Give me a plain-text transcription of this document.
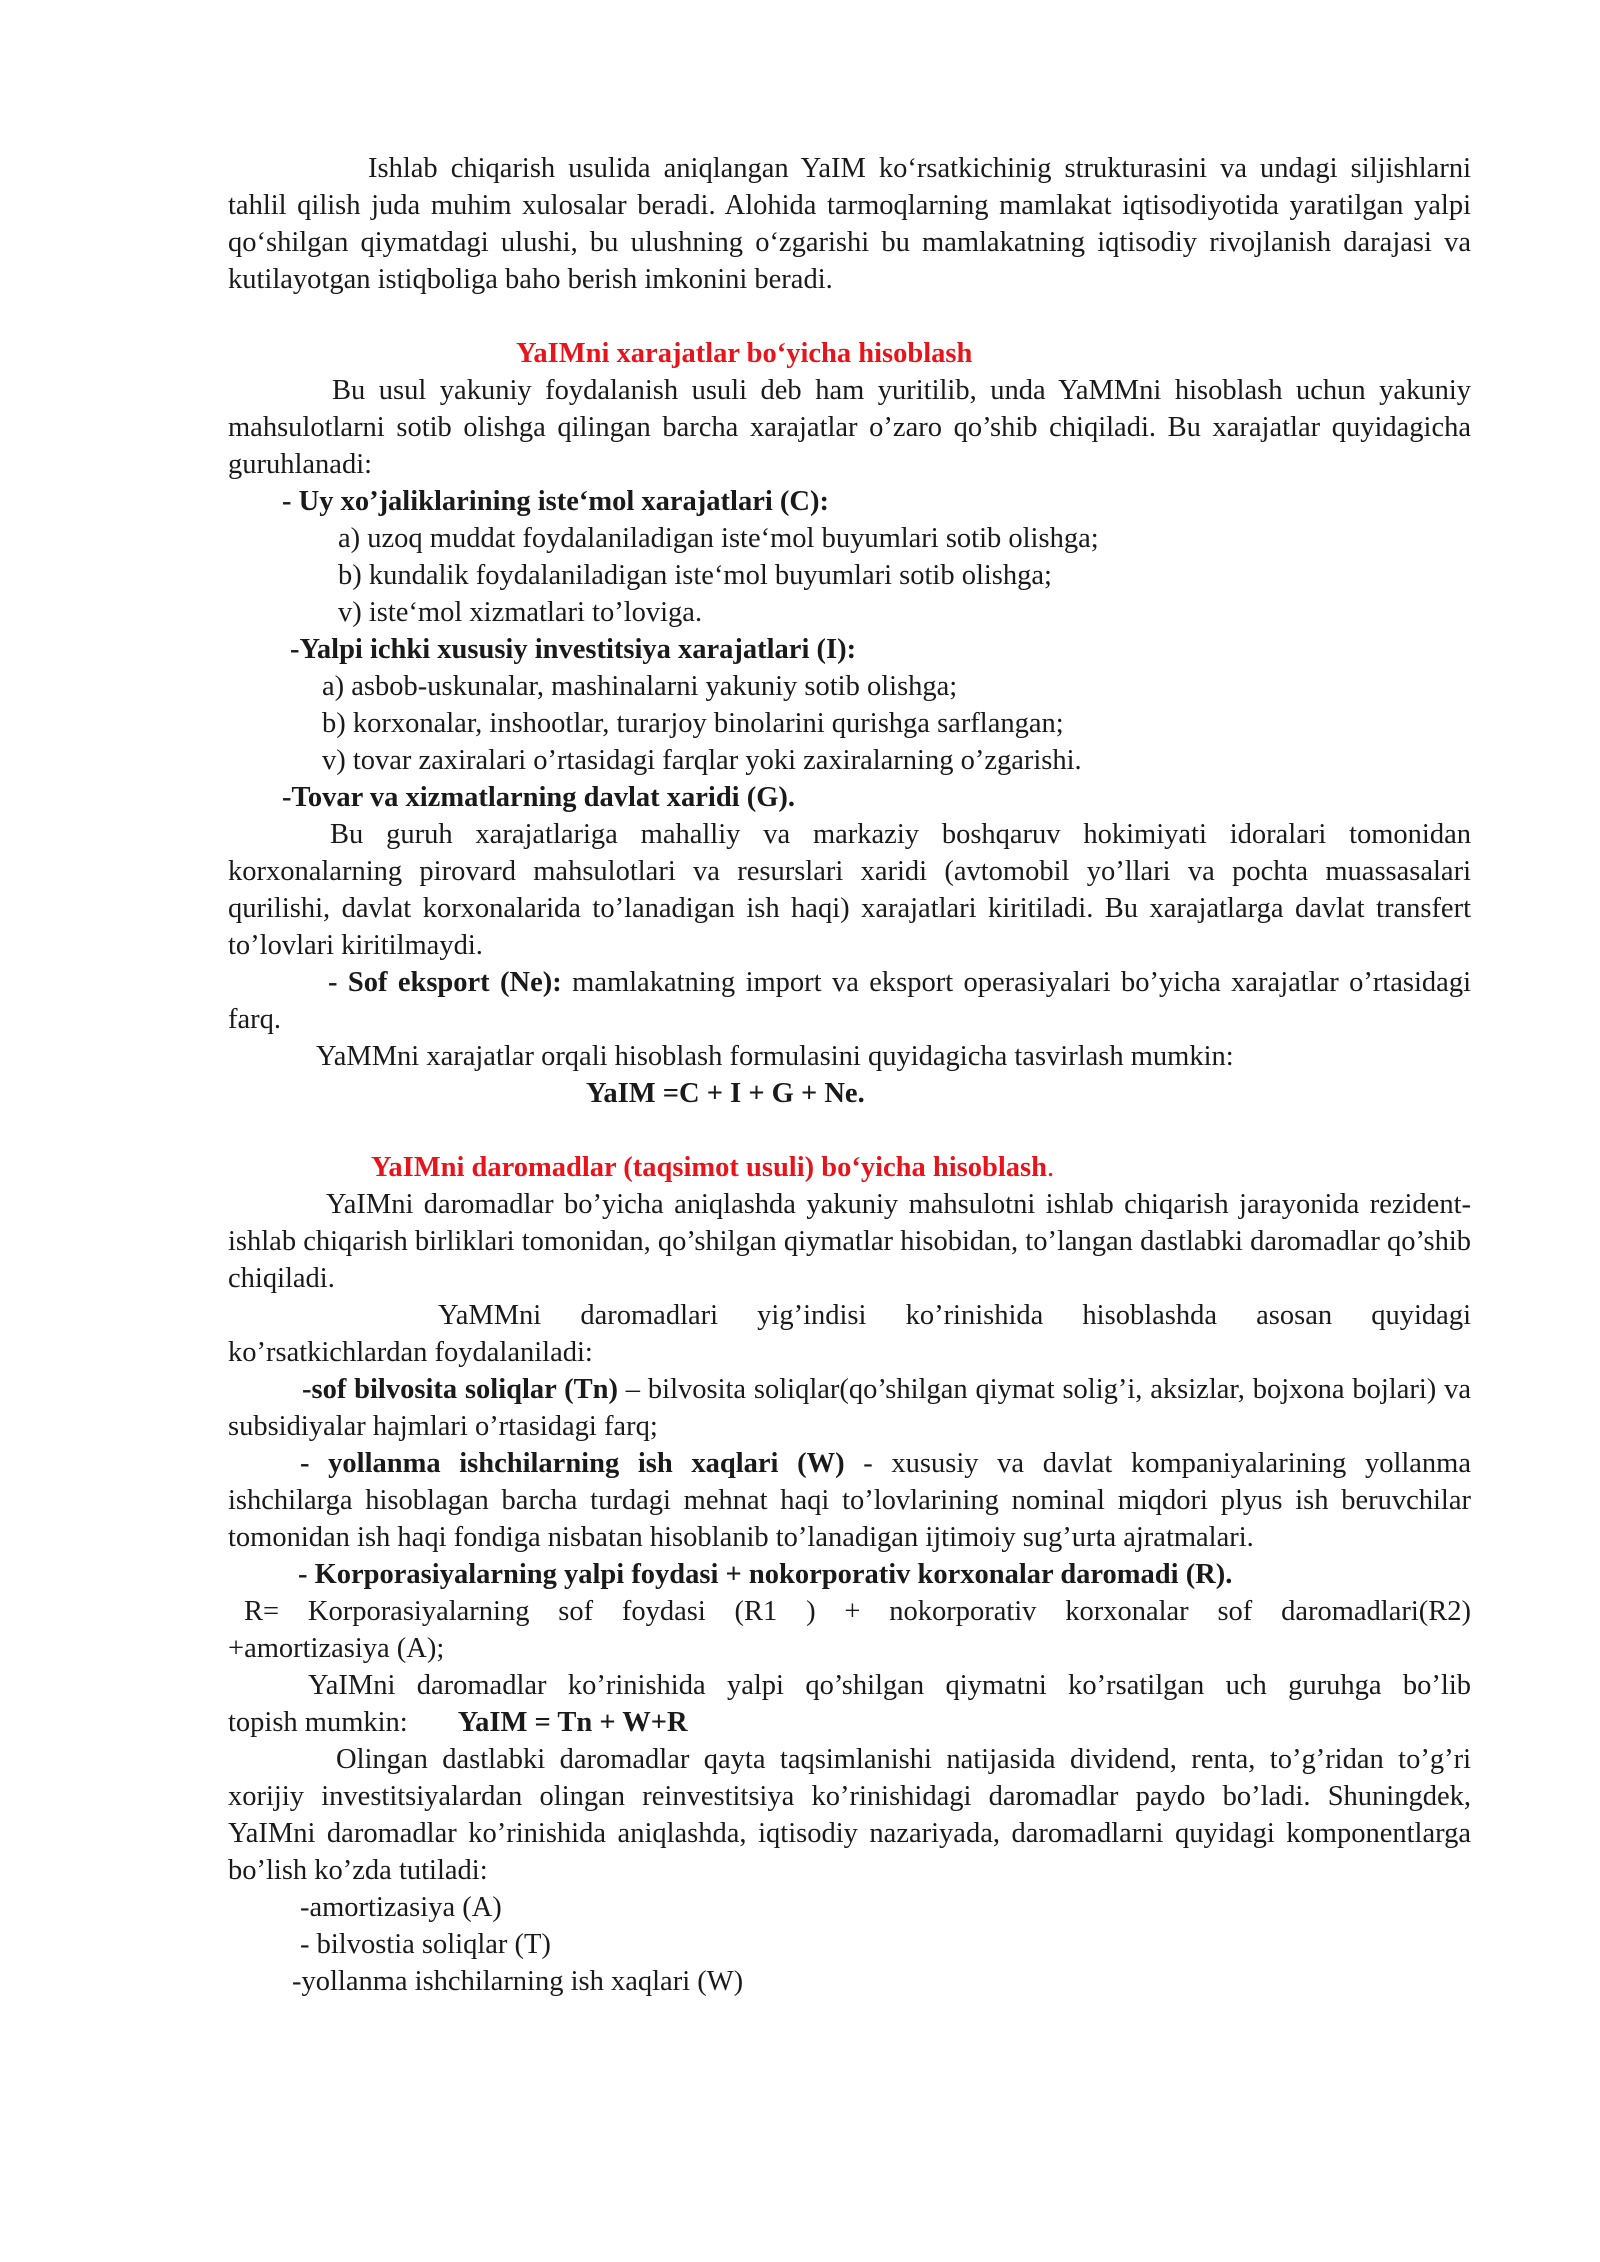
Ishlab chiqarish usulida aniqlangan YaIM koʻrsatkichinig strukturasini va undagi siljishlarni tahlil qilish juda muhim xulosalar beradi. Alohida tarmoqlarning mamlakat iqtisodiyotida yaratilgan yalpi qoʻshilgan qiymatdagi ulushi, bu ulushning oʻzgarishi bu mamlakatning iqtisodiy rivojlanish darajasi va kutilayotgan istiqboliga baho berish imkonini beradi.

YaIMni xarajatlar boʻyicha hisoblash

Bu usul yakuniy foydalanish usuli deb ham yuritilib, unda YaMMni hisoblash uchun yakuniy mahsulotlarni sotib olishga qilingan barcha xarajatlar o’zaro qo’shib chiqiladi. Bu xarajatlar quyidagicha guruhlanadi:

- Uy xo’jaliklarining isteʻmol xarajatlari (C):

a) uzoq muddat foydalaniladigan isteʻmol buyumlari sotib olishga;

b) kundalik foydalaniladigan isteʻmol buyumlari sotib olishga;

v) isteʻmol xizmatlari to’loviga.

-Yalpi ichki xususiy investitsiya xarajatlari (I):

a) asbob-uskunalar, mashinalarni yakuniy sotib olishga;

b) korxonalar, inshootlar, turarjoy binolarini qurishga sarflangan;

v) tovar zaxiralari o’rtasidagi farqlar yoki zaxiralarning o’zgarishi.

-Tovar va xizmatlarning davlat xaridi (G).

Bu guruh xarajatlariga mahalliy va markaziy boshqaruv hokimiyati idoralari tomonidan korxonalarning pirovard mahsulotlari va resurslari xaridi (avtomobil yo’llari va pochta muassasalari qurilishi, davlat korxonalarida to’lanadigan ish haqi) xarajatlari kiritiladi. Bu xarajatlarga davlat transfert to’lovlari kiritilmaydi.

- Sof eksport (Ne): mamlakatning import va eksport operasiyalari bo’yicha xarajatlar o’rtasidagi farq.

YaMMni xarajatlar orqali hisoblash formulasini quyidagicha tasvirlash mumkin:

YaIM =C + I + G + Ne.

YaIMni daromadlar (taqsimot usuli) boʻyicha hisoblash.

YaIMni daromadlar bo’yicha aniqlashda yakuniy mahsulotni ishlab chiqarish jarayonida rezident-ishlab chiqarish birliklari tomonidan, qo’shilgan qiymatlar hisobidan, to’langan dastlabki daromadlar qo’shib chiqiladi.

YaMMni daromadlari yig’indisi ko’rinishida hisoblashda asosan quyidagi ko’rsatkichlardan foydalaniladi:

-sof bilvosita soliqlar (Tn) – bilvosita soliqlar(qo’shilgan qiymat solig’i, aksizlar, bojxona bojlari) va subsidiyalar hajmlari o’rtasidagi farq;

- yollanma ishchilarning ish xaqlari (W) - xususiy va davlat kompaniyalarining yollanma ishchilarga hisoblagan barcha turdagi mehnat haqi to’lovlarining nominal miqdori plyus ish beruvchilar tomonidan ish haqi fondiga nisbatan hisoblanib to’lanadigan ijtimoiy sug’urta ajratmalari.

- Korporasiyalarning yalpi foydasi + nokorporativ korxonalar daromadi (R).

R= Korporasiyalarning sof foydasi (R1 ) + nokorporativ korxonalar sof daromadlari(R2)

+amortizasiya (A);

YaIMni daromadlar ko’rinishida yalpi qo’shilgan qiymatni ko’rsatilgan uch guruhga bo’lib

topish mumkin: YaIM = Tn + W+R

Olingan dastlabki daromadlar qayta taqsimlanishi natijasida dividend, renta, to’g’ridan to’g’ri xorijiy investitsiyalardan olingan reinvestitsiya ko’rinishidagi daromadlar paydo bo’ladi. Shuningdek, YaIMni daromadlar ko’rinishida aniqlashda, iqtisodiy nazariyada, daromadlarni quyidagi komponentlarga bo’lish ko’zda tutiladi:

-amortizasiya (A)

- bilvostia soliqlar (T)

-yollanma ishchilarning ish xaqlari (W)
